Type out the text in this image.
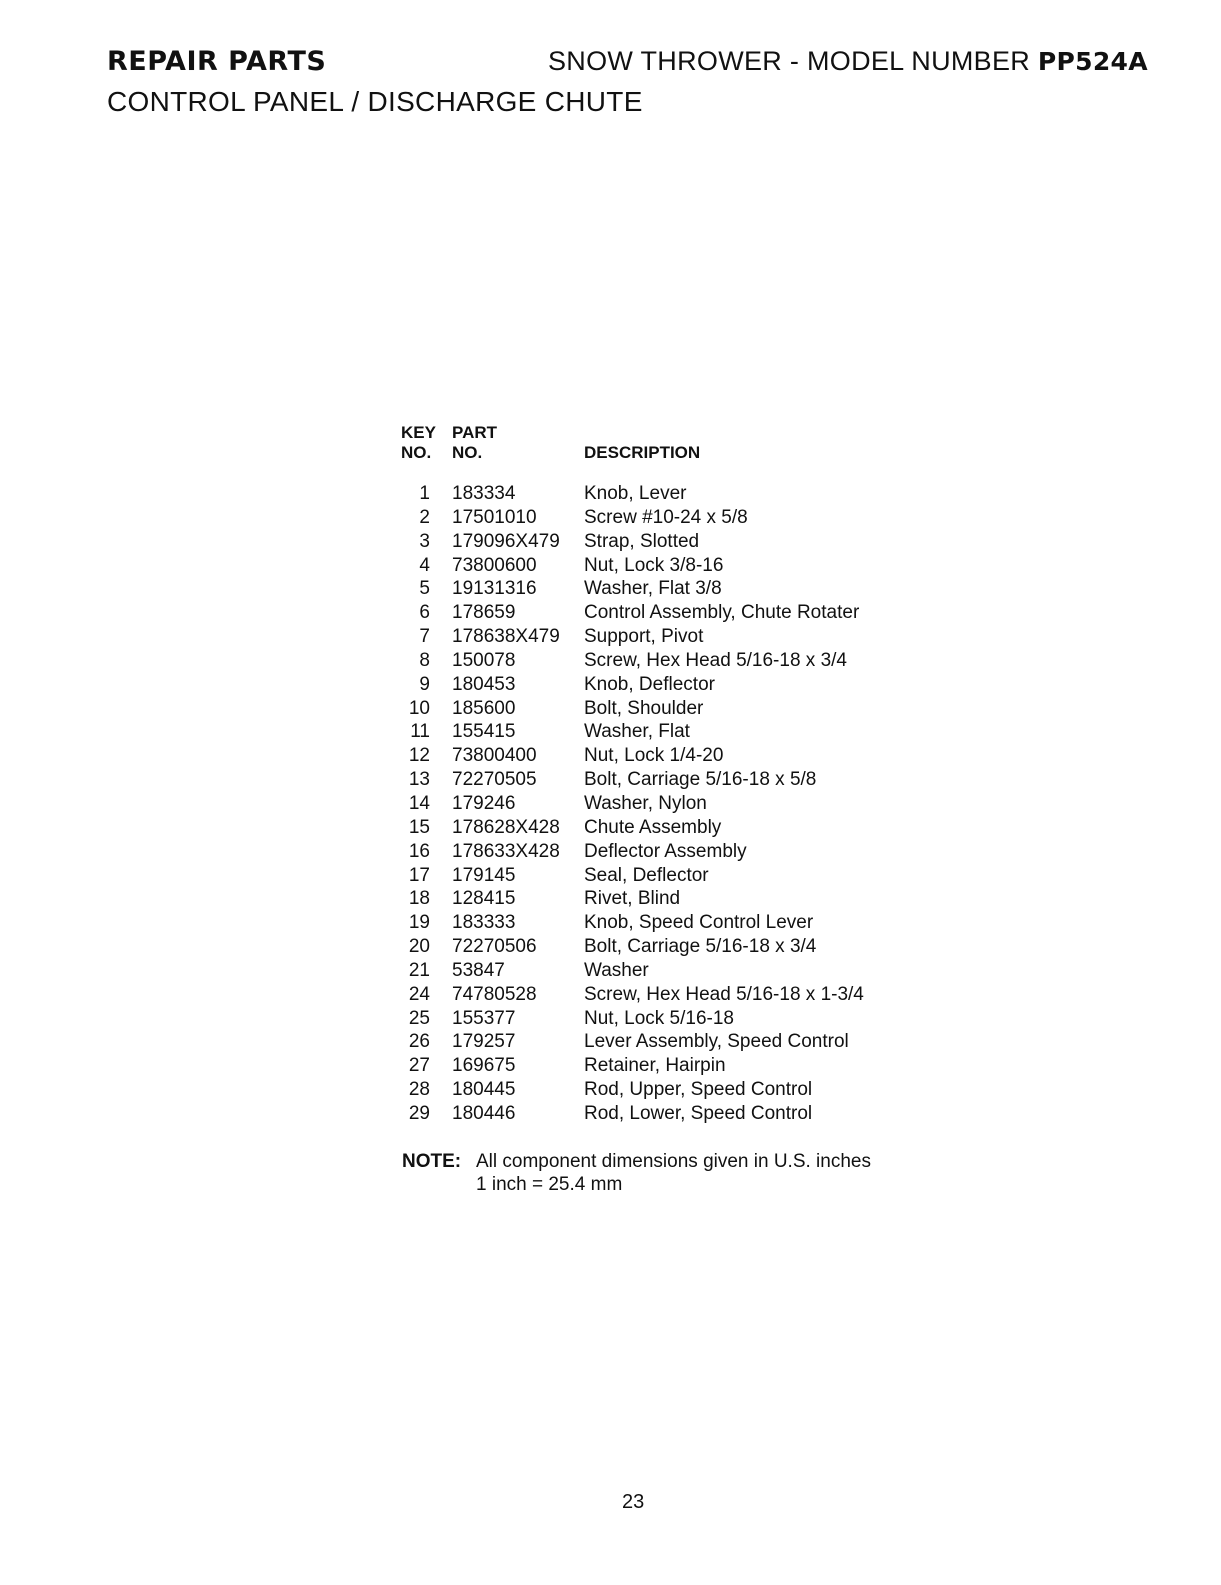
REPAIR PARTS	SNOW THROWER - MODEL NUMBER PP524A
CONTROL PANEL / DISCHARGE CHUTE
KEY
NO.
PART
NO.	DESCRIPTION
1	183334	Knob, Lever
2	17501010	Screw #10-24 x 5/8
3	179096X479	Strap, Slotted
4	73800600	Nut, Lock 3/8-16
5	19131316	Washer, Flat 3/8
6	178659	Control Assembly, Chute Rotater
7	178638X479	Support, Pivot
8	150078	Screw, Hex Head 5/16-18 x 3/4
9	180453	Knob, Deflector
10	185600	Bolt, Shoulder
11	155415	Washer, Flat
12	73800400	Nut, Lock 1/4-20
13	72270505	Bolt, Carriage 5/16-18 x 5/8
14	179246	Washer, Nylon
15	178628X428	Chute Assembly
16	178633X428	Deflector Assembly
17	179145	Seal, Deflector
18	128415	Rivet, Blind
19	183333	Knob, Speed Control Lever
20	72270506	Bolt, Carriage 5/16-18 x 3/4
21	53847	Washer
24	74780528	Screw, Hex Head 5/16-18 x 1-3/4
25	155377	Nut, Lock 5/16-18
26	179257	Lever Assembly, Speed Control
27	169675	Retainer, Hairpin
28	180445	Rod, Upper, Speed Control
29	180446	Rod, Lower, Speed Control
NOTE: All component dimensions given in U.S. inches
1 inch = 25.4 mm
23
